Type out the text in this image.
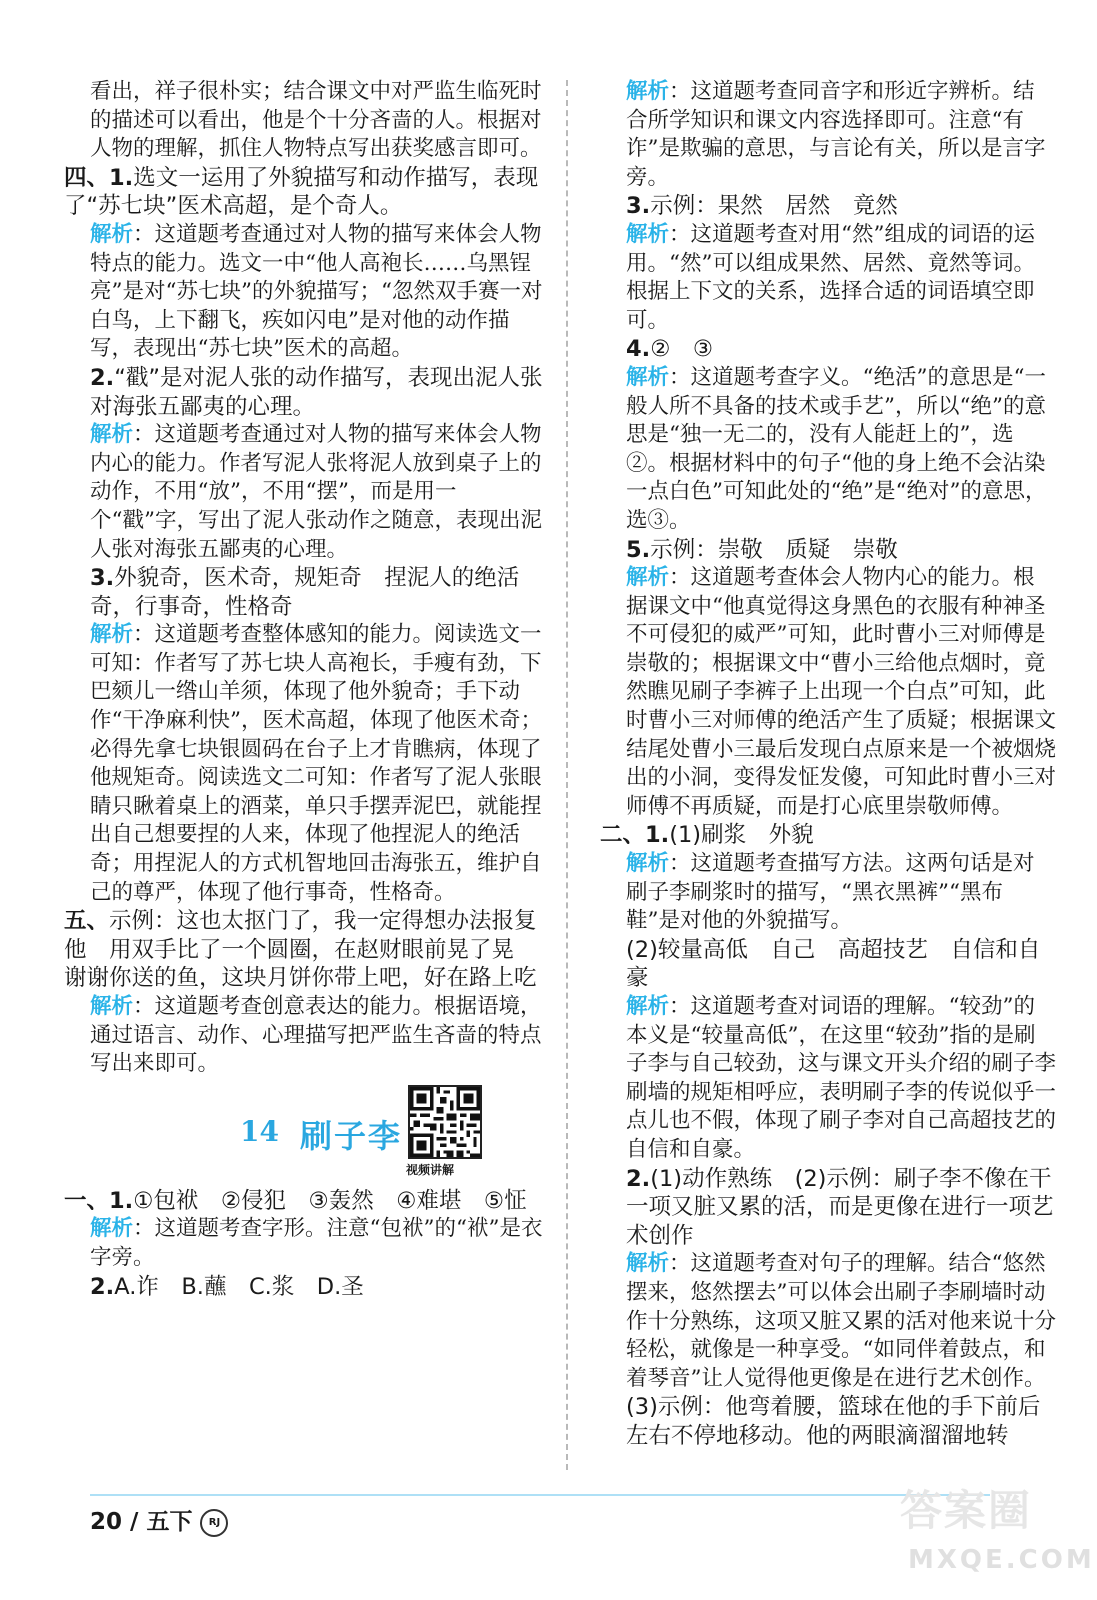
看出，祥子很朴实；结合课文中对严监生临死时的描述可以看出，他是个十分吝啬的人。根据对人物的理解，抓住人物特点写出获奖感言即可。

四、1.选文一运用了外貌描写和动作描写，表现了“苏七块”医术高超，是个奇人。

解析：这道题考查通过对人物的描写来体会人物特点的能力。选文一中“他人高袍长……乌黑锃亮”是对“苏七块”的外貌描写；“忽然双手赛一对白鸟，上下翻飞，疾如闪电”是对他的动作描写，表现出“苏七块”医术的高超。

2.“戳”是对泥人张的动作描写，表现出泥人张对海张五鄙夷的心理。

解析：这道题考查通过对人物的描写来体会人物内心的能力。作者写泥人张将泥人放到桌子上的动作，不用“放”，不用“摆”，而是用一个“戳”字，写出了泥人张动作之随意，表现出泥人张对海张五鄙夷的心理。

3.外貌奇，医术奇，规矩奇　捏泥人的绝活奇，行事奇，性格奇

解析：这道题考查整体感知的能力。阅读选文一可知：作者写了苏七块人高袍长，手瘦有劲，下巴颏儿一绺山羊须，体现了他外貌奇；手下动作“干净麻利快”，医术高超，体现了他医术奇；必得先拿七块银圆码在台子上才肯瞧病，体现了他规矩奇。阅读选文二可知：作者写了泥人张眼睛只瞅着桌上的酒菜，单只手摆弄泥巴，就能捏出自己想要捏的人来，体现了他捏泥人的绝活奇；用捏泥人的方式机智地回击海张五，维护自己的尊严，体现了他行事奇，性格奇。

五、示例：这也太抠门了，我一定得想办法报复他　用双手比了一个圆圈，在赵财眼前晃了晃　谢谢你送的鱼，这块月饼你带上吧，好在路上吃

解析：这道题考查创意表达的能力。根据语境，通过语言、动作、心理描写把严监生吝啬的特点写出来即可。

14 刷子李
视频讲解

一、1.①包袱　②侵犯　③轰然　④难堪　⑤怔

解析：这道题考查字形。注意“包袱”的“袱”是衣字旁。

2.A.诈　B.蘸　C.浆　D.圣

解析：这道题考查同音字和形近字辨析。结合所学知识和课文内容选择即可。注意“有诈”是欺骗的意思，与言论有关，所以是言字旁。

3.示例：果然　居然　竟然

解析：这道题考查对用“然”组成的词语的运用。“然”可以组成果然、居然、竟然等词。根据上下文的关系，选择合适的词语填空即可。

4.②　③

解析：这道题考查字义。“绝活”的意思是“一般人所不具备的技术或手艺”，所以“绝”的意思是“独一无二的，没有人能赶上的”，选②。根据材料中的句子“他的身上绝不会沾染一点白色”可知此处的“绝”是“绝对”的意思，选③。

5.示例：崇敬　质疑　崇敬

解析：这道题考查体会人物内心的能力。根据课文中“他真觉得这身黑色的衣服有种神圣不可侵犯的威严”可知，此时曹小三对师傅是崇敬的；根据课文中“曹小三给他点烟时，竟然瞧见刷子李裤子上出现一个白点”可知，此时曹小三对师傅的绝活产生了质疑；根据课文结尾处曹小三最后发现白点原来是一个被烟烧出的小洞，变得发怔发傻，可知此时曹小三对师傅不再质疑，而是打心底里崇敬师傅。

二、1.(1)刷浆　外貌

解析：这道题考查描写方法。这两句话是对刷子李刷浆时的描写，“黑衣黑裤”“黑布鞋”是对他的外貌描写。

(2)较量高低　自己　高超技艺　自信和自豪

解析：这道题考查对词语的理解。“较劲”的本义是“较量高低”，在这里“较劲”指的是刷子李与自己较劲，这与课文开头介绍的刷子李刷墙的规矩相呼应，表明刷子李的传说似乎一点儿也不假，体现了刷子李对自己高超技艺的自信和自豪。

2.(1)动作熟练　(2)示例：刷子李不像在干一项又脏又累的活，而是更像在进行一项艺术创作

解析：这道题考查对句子的理解。结合“悠然摆来，悠然摆去”可以体会出刷子李刷墙时动作十分熟练，这项又脏又累的活对他来说十分轻松，就像是一种享受。“如同伴着鼓点，和着琴音”让人觉得他更像是在进行艺术创作。

(3)示例：他弯着腰，篮球在他的手下前后左右不停地移动。他的两眼滴溜溜地转

20 / 五下 RJ	答案圈
MXQE.COM
